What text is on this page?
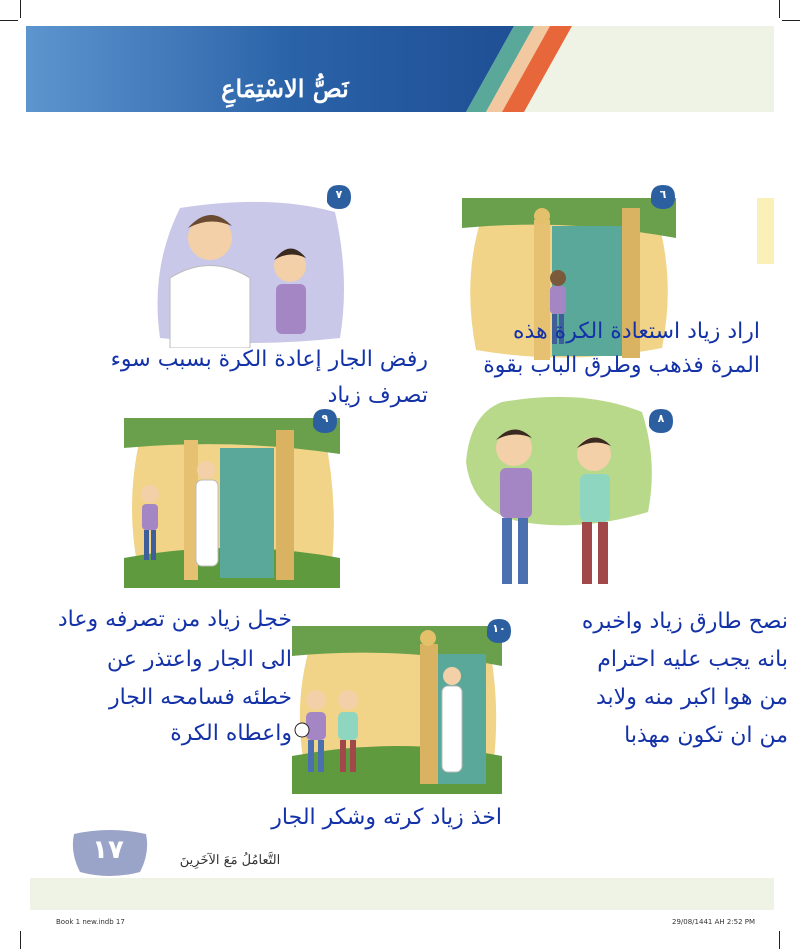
نَصُّ الاسْتِمَاعِ
٦
اراد زياد استعادة الكرة هذه
المرة فذهب وطرق الباب بقوة
٧
رفض الجار إعادة الكرة بسبب سوء
تصرف زياد
٨
نصح طارق زياد واخبره
بانه يجب عليه احترام
من هوا اكبر منه ولابد
من ان تكون مهذبا
٩
خجل زياد من تصرفه وعاد
الى الجار واعتذر عن
خطئه فسامحه الجار
واعطاه الكرة
١٠
اخذ زياد كرته وشكر الجار
١٧	التَّعامُلُ مَعَ الآخَرِينَ
Book 1 new.indb 17	29/08/1441 AH 2:52 PM
